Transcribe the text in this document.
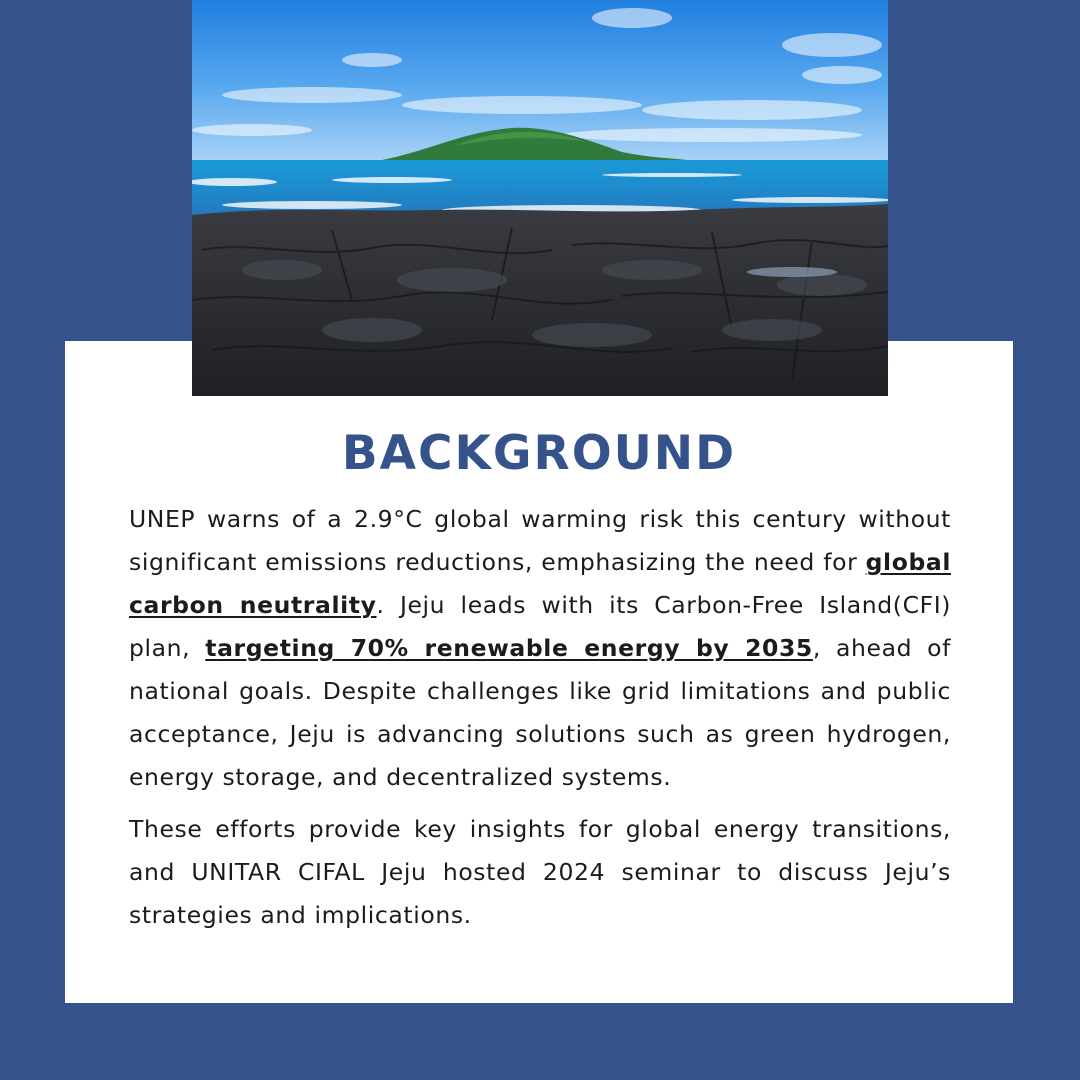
BACKGROUND

UNEP warns of a 2.9°C global warming risk this century without significant emissions reductions, emphasizing the need for global carbon neutrality. Jeju leads with its Carbon-Free Island(CFI) plan, targeting 70% renewable energy by 2035, ahead of national goals. Despite challenges like grid limitations and public acceptance, Jeju is advancing solutions such as green hydrogen, energy storage, and decentralized systems.

These efforts provide key insights for global energy transitions, and UNITAR CIFAL Jeju hosted 2024 seminar to discuss Jeju’s strategies and implications.
